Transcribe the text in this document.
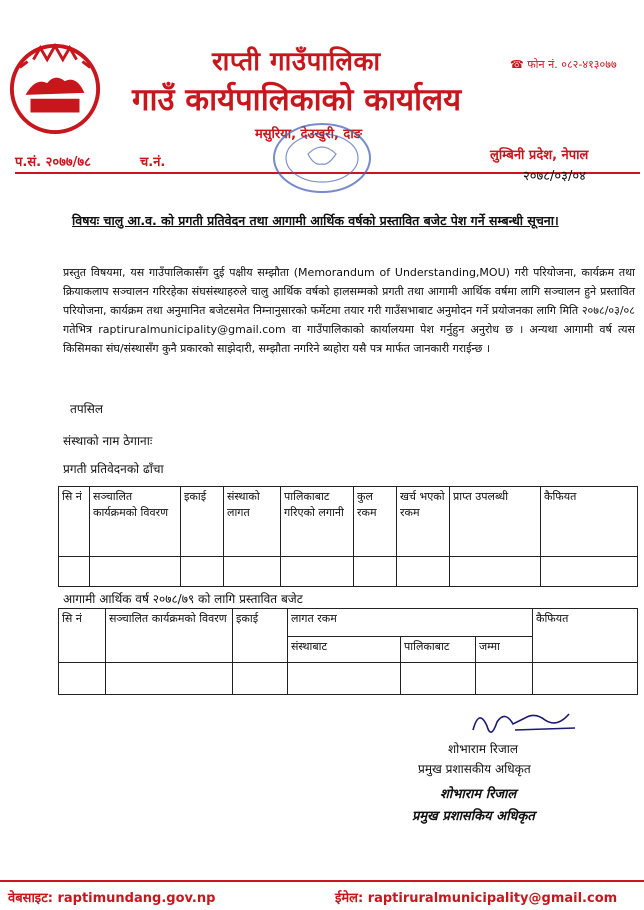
राप्ती गाउँपालिका
गाउँ कार्यपालिकाको कार्यालय
मसुरिया, देउखुरी, दाङ
☎ फोन नं. ०८२-४१३०७७
लुम्बिनी प्रदेश, नेपाल
प.सं. २०७७/७८	च.नं.
२०७८/०३/०४
विषयः चालु आ.व. को प्रगती प्रतिवेदन तथा आगामी आर्थिक वर्षको प्रस्तावित बजेट पेश गर्ने सम्बन्धी सूचना।
प्रस्तुत विषयमा, यस गाउँपालिकासँग दुई पक्षीय सम्झौता (Memorandum of Understanding,MOU) गरी परियोजना, कार्यक्रम तथा क्रियाकलाप सञ्चालन गरिरहेका संघसंस्थाहरुले चालु आर्थिक वर्षको हालसम्मको प्रगती तथा आगामी आर्थिक वर्षमा लागि सञ्चालन हुने प्रस्तावित परियोजना, कार्यक्रम तथा अनुमानित बजेटसमेत निम्नानुसारको फर्मेटमा तयार गरी गाउँसभाबाट अनुमोदन गर्ने प्रयोजनका लागि मिति २०७८/०३/०८ गतेभित्र raptiruralmunicipality@gmail.com वा गाउँपालिकाको कार्यालयमा पेश गर्नुहुन अनुरोध छ । अन्यथा आगामी वर्ष त्यस किसिमका संघ/संस्थासँग कुनै प्रकारको साझेदारी, सम्झौता नगरिने ब्यहोरा यसै पत्र मार्फत जानकारी गराईन्छ ।
तपसिल
संस्थाको नाम ठेगानाः
प्रगती प्रतिवेदनको ढाँचा
सि नं	सञ्चालित कार्यक्रमको विवरण	इकाई	संस्थाको लागत	पालिकाबाट गरिएको लगानी	कुल रकम	खर्च भएको रकम	प्राप्त उपलब्धी	कैफियत

आगामी आर्थिक वर्ष २०७८/७९ को लागि प्रस्तावित बजेट
सि नं	सञ्चालित कार्यक्रमको विवरण	इकाई	लागत रकम			कैफियत
			संस्थाबाट	पालिकाबाट	जम्मा	

शोभाराम रिजाल
प्रमुख प्रशासकीय अधिकृत
शोभाराम रिजाल
प्रमुख प्रशासकिय अधिकृत
वेबसाइट: raptimundang.gov.np	ईमेल: raptiruralmunicipality@gmail.com
